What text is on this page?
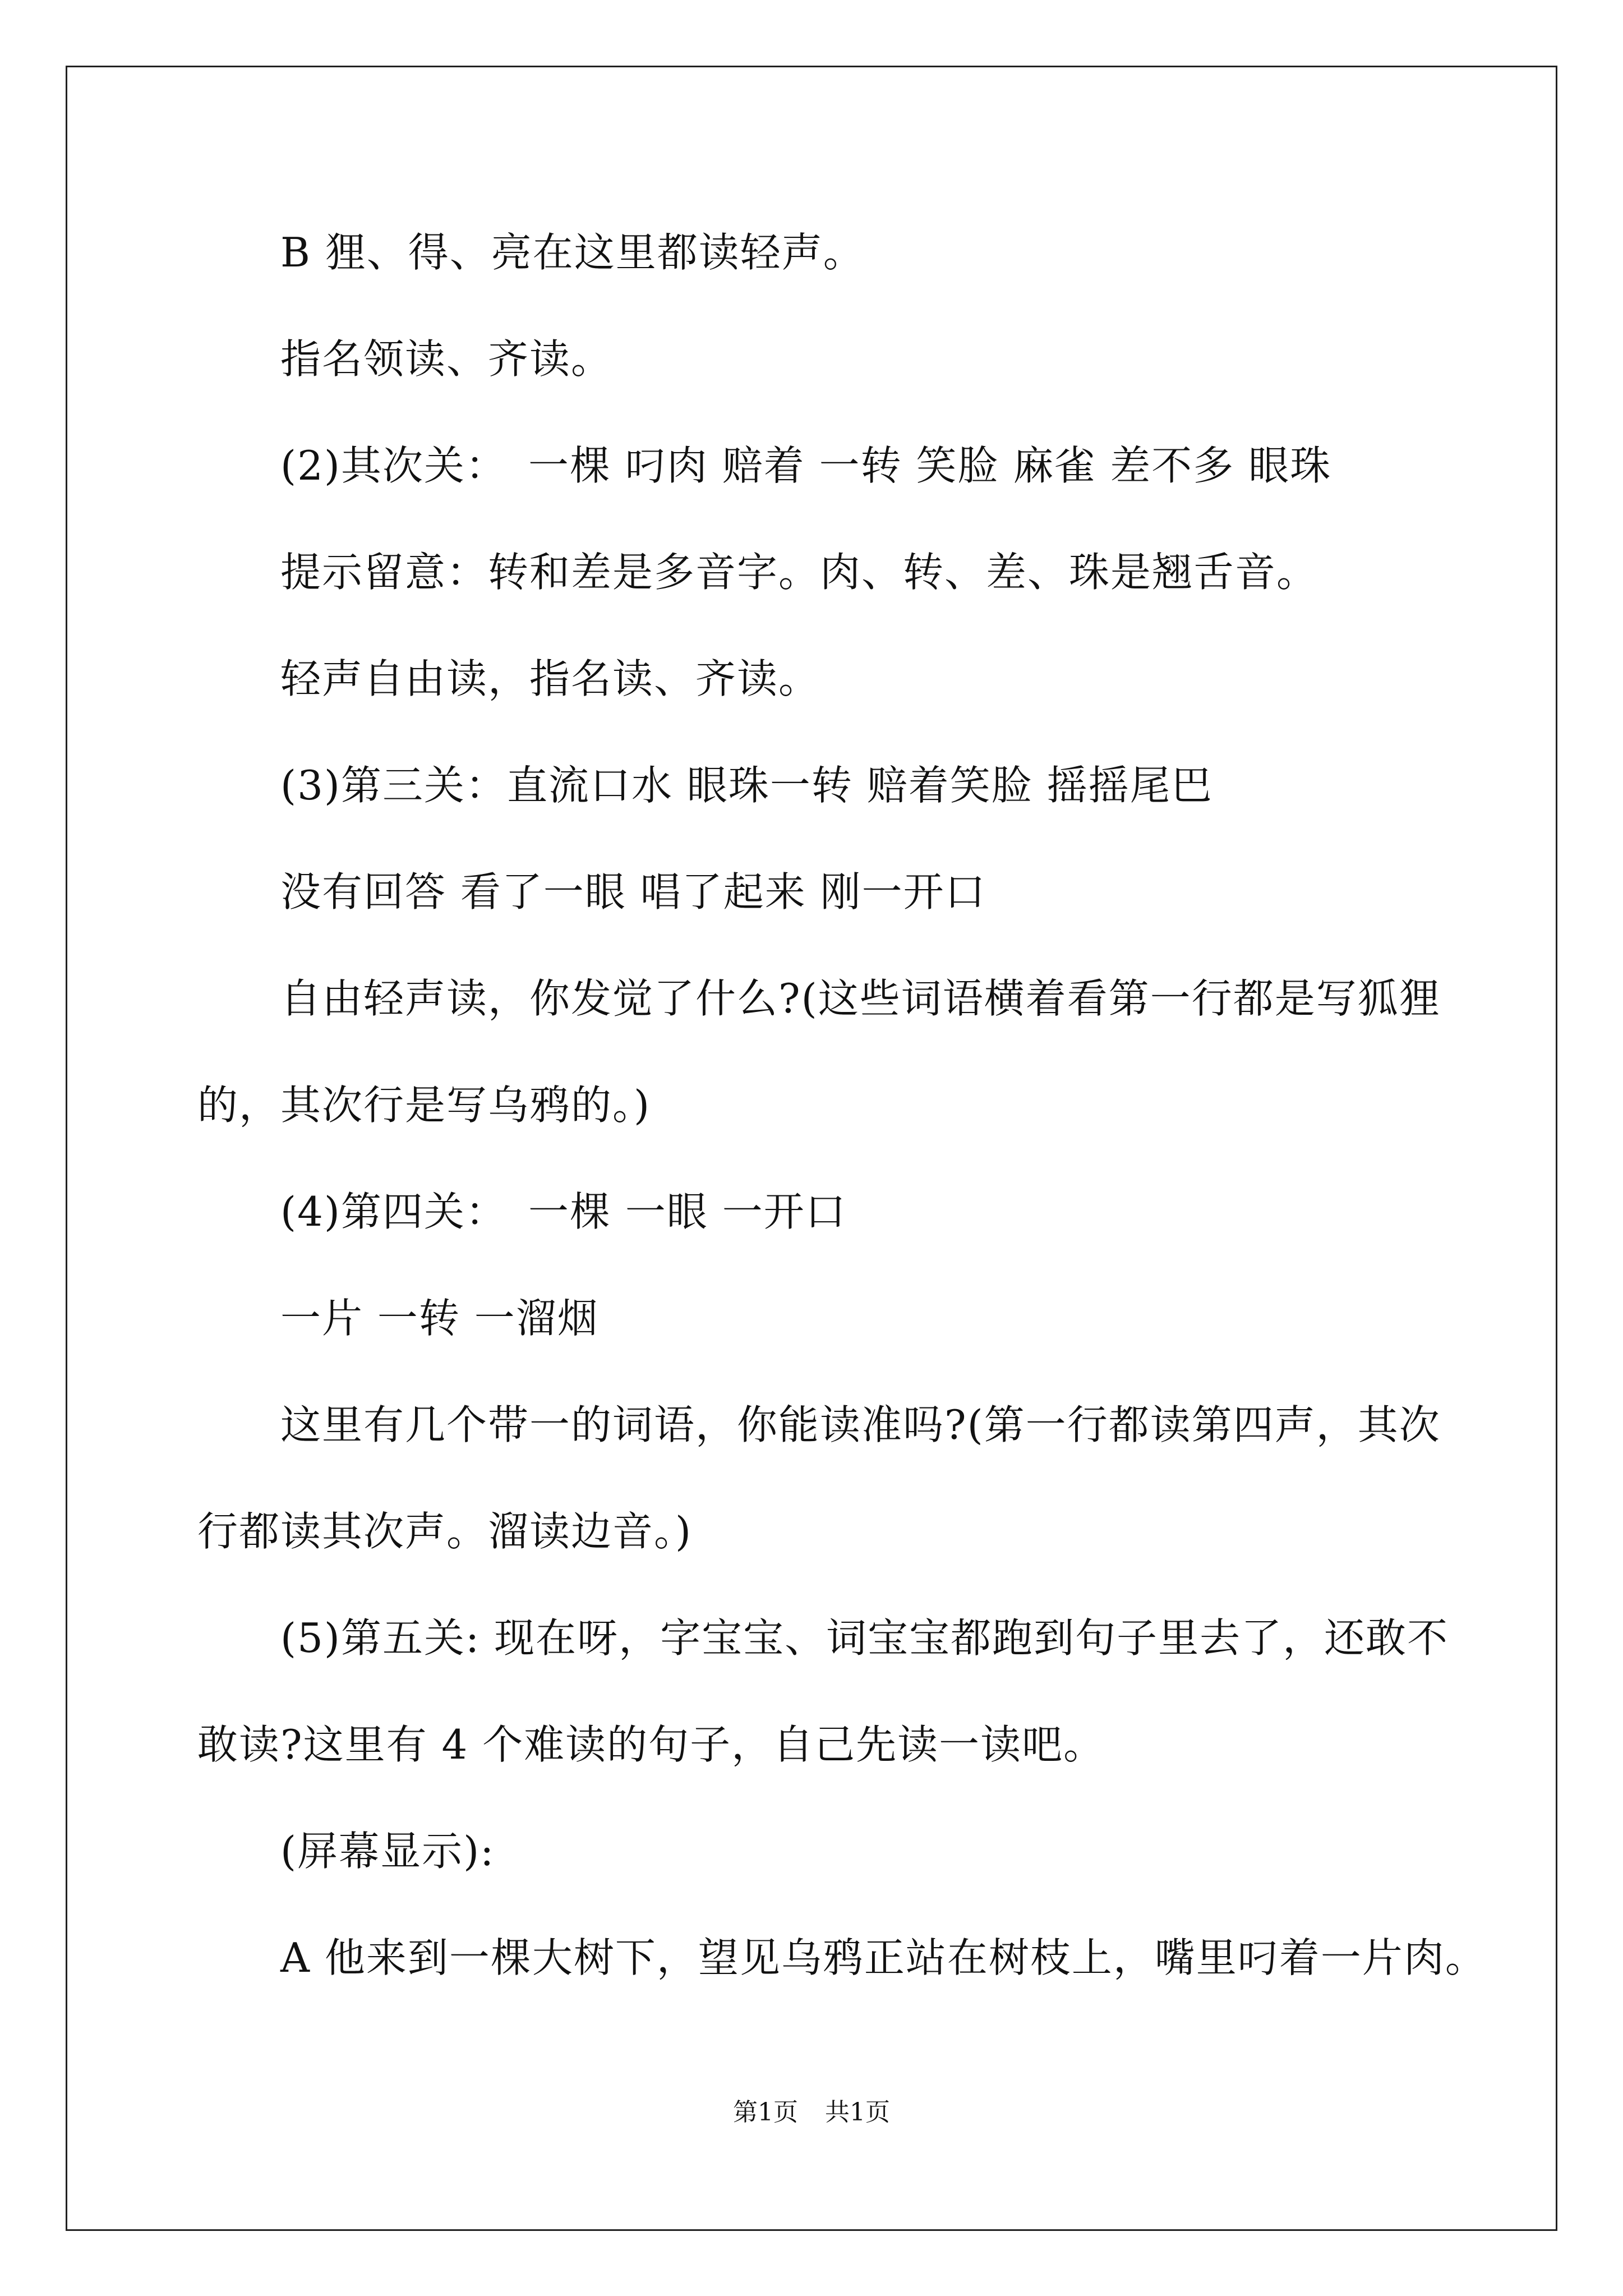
B 狸、得、亮在这里都读轻声。
指名领读、齐读。
(2)其次关：　一棵 叼肉 赔着 一转 笑脸 麻雀 差不多 眼珠
提示留意：转和差是多音字。肉、转、差、珠是翘舌音。
轻声自由读，指名读、齐读。
(3)第三关：直流口水 眼珠一转 赔着笑脸 摇摇尾巴
没有回答 看了一眼 唱了起来 刚一开口
自由轻声读，你发觉了什么?(这些词语横着看第一行都是写狐狸
的，其次行是写乌鸦的。)
(4)第四关：　一棵 一眼 一开口
一片 一转 一溜烟
这里有几个带一的词语，你能读准吗?(第一行都读第四声，其次
行都读其次声。溜读边音。)
(5)第五关: 现在呀，字宝宝、词宝宝都跑到句子里去了，还敢不
敢读?这里有 4 个难读的句子，自己先读一读吧。
(屏幕显示):
A 他来到一棵大树下，望见乌鸦正站在树枝上，嘴里叼着一片肉。
第1页 共1页
